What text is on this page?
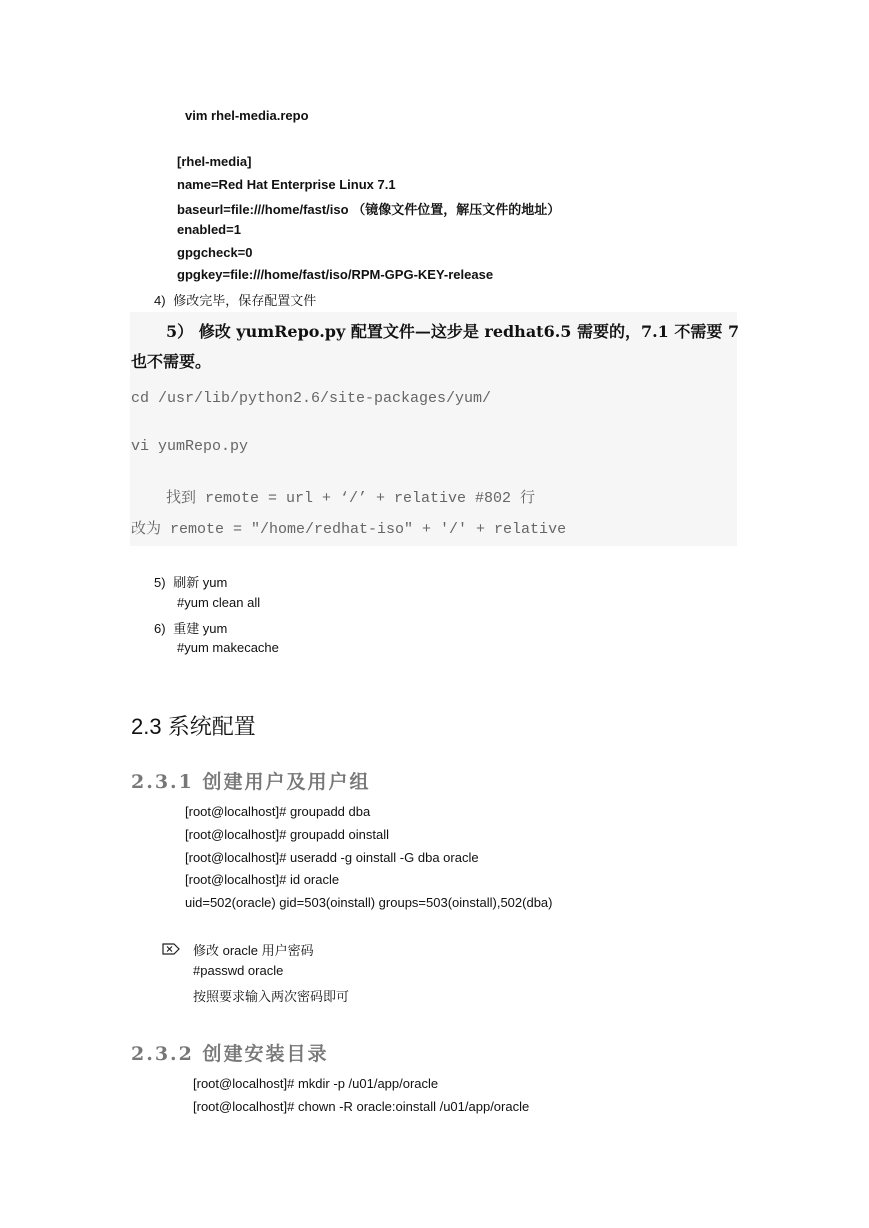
vim rhel-media.repo
[rhel-media]
name=Red Hat Enterprise Linux 7.1
baseurl=file:///home/fast/iso （镜像文件位置，解压文件的地址）
enabled=1
gpgcheck=0
gpgkey=file:///home/fast/iso/RPM-GPG-KEY-release
4) 修改完毕，保存配置文件
5） 修改 yumRepo.py 配置文件—这步是 redhat6.5 需要的，7.1 不需要 7
也不需要。
cd /usr/lib/python2.6/site-packages/yum/
vi yumRepo.py
找到 remote = url + ‘/’ + relative #802 行
改为 remote = "/home/redhat-iso" + '/' + relative
5) 刷新 yum
#yum clean all
6) 重建 yum
#yum makecache
2.3 系统配置
2.3.1 创建用户及用户组
[root@localhost]# groupadd dba
[root@localhost]# groupadd oinstall
[root@localhost]# useradd -g oinstall -G dba oracle
[root@localhost]# id oracle
uid=502(oracle) gid=503(oinstall) groups=503(oinstall),502(dba)
修改 oracle 用户密码
#passwd oracle
按照要求输入两次密码即可
2.3.2 创建安装目录
[root@localhost]# mkdir -p /u01/app/oracle
[root@localhost]# chown -R oracle:oinstall /u01/app/oracle
